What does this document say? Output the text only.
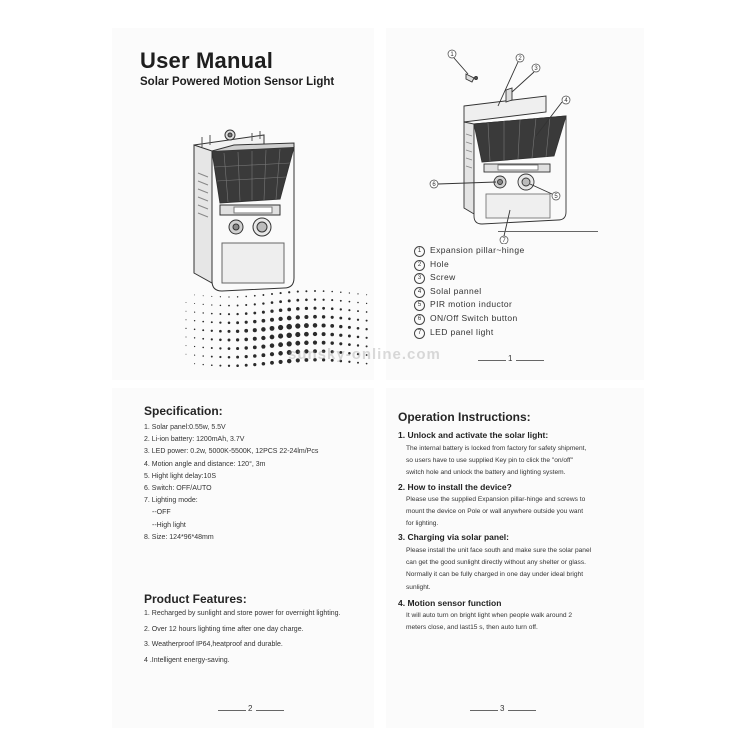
User Manual
Solar Powered Motion Sensor Light
1
2
3
4
5
6
7
1 Expansion pillar~hinge
2 Hole
3 Screw
4 Solal pannel
5 PIR motion inductor
6 ON/Off Switch button
7 LED panel light
1
sunsky-online.com
Specification:
1. Solar panel:0.55w, 5.5V
2. Li-ion battery: 1200mAh, 3.7V
3. LED power: 0.2w, 5000K-5500K, 12PCS 22-24lm/Pcs
4. Motion angle and distance: 120°, 3m
5. Hight light delay:10S
6. Switch: OFF/AUTO
7. Lighting mode:
--OFF
--High light
8. Size: 124*96*48mm
Product Features:
1. Recharged by sunlight and store power for overnight lighting.
2. Over 12 hours lighting time after one day charge.
3. Weatherproof IP64,heatproof and durable.
4 .Intelligent energy-saving.
2
Operation Instructions:
1. Unlock and activate the solar light:
The internal battery is locked from factory for safety shipment,
so users have to use supplied Key pin to click the "on/off"
switch hole and unlock the battery and lighting system.
2. How to install the device?
Please use the supplied Expansion pillar-hinge and screws to
mount the device on Pole or wall anywhere outside you want
for lighting.
3. Charging via solar panel:
Please install the unit face south and make sure the solar panel
can get the good sunlight directly without any shelter or glass.
Normally it can be fully charged in one day under ideal bright
sunlight.
4. Motion sensor function
It will auto turn on bright light when people walk around 2
meters close, and last15 s, then auto turn off.
3
